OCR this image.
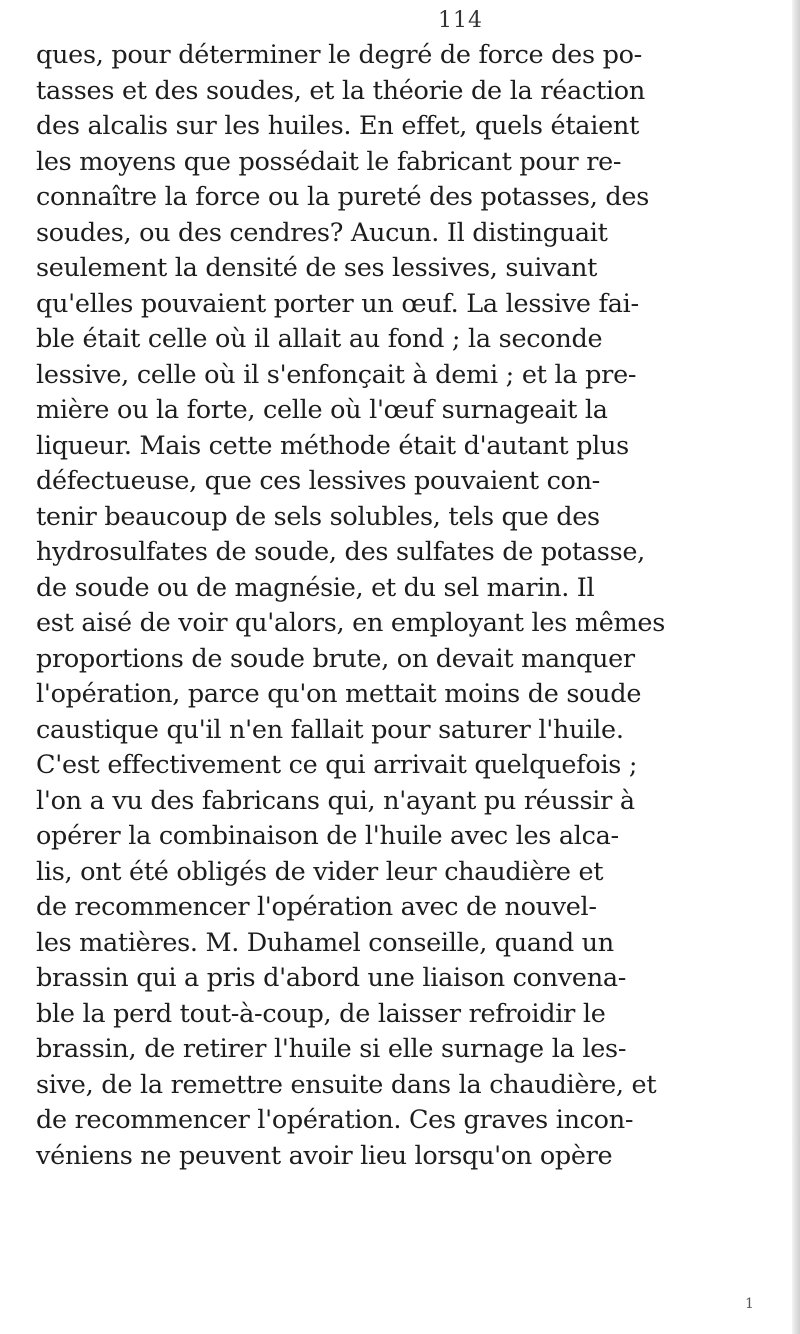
114
ques, pour déterminer le degré de force des po-
tasses et des soudes, et la théorie de la réaction
des alcalis sur les huiles. En effet, quels étaient
les moyens que possédait le fabricant pour re-
connaître la force ou la pureté des potasses, des
soudes, ou des cendres? Aucun. Il distinguait
seulement la densité de ses lessives, suivant
qu'elles pouvaient porter un œuf. La lessive fai-
ble était celle où il allait au fond ; la seconde
lessive, celle où il s'enfonçait à demi ; et la pre-
mière ou la forte, celle où l'œuf surnageait la
liqueur. Mais cette méthode était d'autant plus
défectueuse, que ces lessives pouvaient con-
tenir beaucoup de sels solubles, tels que des
hydrosulfates de soude, des sulfates de potasse,
de soude ou de magnésie, et du sel marin. Il
est aisé de voir qu'alors, en employant les mêmes
proportions de soude brute, on devait manquer
l'opération, parce qu'on mettait moins de soude
caustique qu'il n'en fallait pour saturer l'huile.
C'est effectivement ce qui arrivait quelquefois ;
l'on a vu des fabricans qui, n'ayant pu réussir à
opérer la combinaison de l'huile avec les alca-
lis, ont été obligés de vider leur chaudière et
de recommencer l'opération avec de nouvel-
les matières. M. Duhamel conseille, quand un
brassin qui a pris d'abord une liaison convena-
ble la perd tout-à-coup, de laisser refroidir le
brassin, de retirer l'huile si elle surnage la les-
sive, de la remettre ensuite dans la chaudière, et
de recommencer l'opération. Ces graves incon-
véniens ne peuvent avoir lieu lorsqu'on opère
1
